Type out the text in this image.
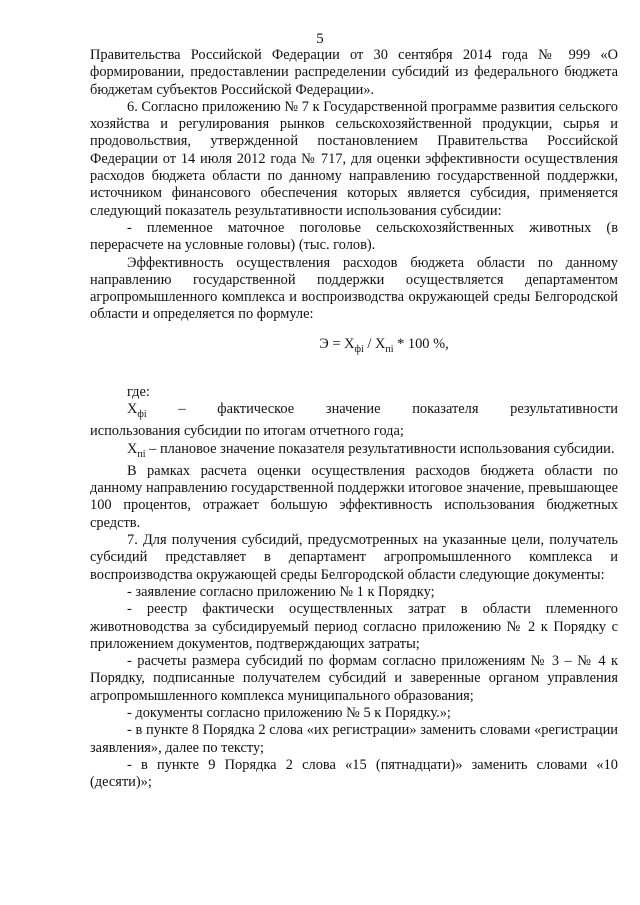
5

Правительства Российской Федерации от 30 сентября 2014 года № 999 «О формировании, предоставлении распределении субсидий из федерального бюджета бюджетам субъектов Российской Федерации».

6. Согласно приложению № 7 к Государственной программе развития сельского хозяйства и регулирования рынков сельскохозяйственной продукции, сырья и продовольствия, утвержденной постановлением Правительства Российской Федерации от 14 июля 2012 года № 717, для оценки эффективности осуществления расходов бюджета области по данному направлению государственной поддержки, источником финансового обеспечения которых является субсидия, применяется следующий показатель результативности использования субсидии:

- племенное маточное поголовье сельскохозяйственных животных (в перерасчете на условные головы) (тыс. голов).

Эффективность осуществления расходов бюджета области по данному направлению государственной поддержки осуществляется департаментом агропромышленного комплекса и воспроизводства окружающей среды Белгородской области и определяется по формуле:

$Э = Х_{фi} / Х_{пi} * 100$ %,

где:

$Х_{фi}$ – фактическое значение показателя результативности

использования субсидии по итогам отчетного года;

$Х_{пi}$ – плановое значение показателя результативности использования субсидии.

В рамках расчета оценки осуществления расходов бюджета области по данному направлению государственной поддержки итоговое значение, превышающее 100 процентов, отражает большую эффективность использования бюджетных средств.

7. Для получения субсидий, предусмотренных на указанные цели, получатель субсидий представляет в департамент агропромышленного комплекса и воспроизводства окружающей среды Белгородской области следующие документы:

- заявление согласно приложению № 1 к Порядку;

- реестр фактически осуществленных затрат в области племенного животноводства за субсидируемый период согласно приложению № 2 к Порядку с приложением документов, подтверждающих затраты;

- расчеты размера субсидий по формам согласно приложениям № 3 – № 4 к Порядку, подписанные получателем субсидий и заверенные органом управления агропромышленного комплекса муниципального образования;

- документы согласно приложению № 5 к Порядку.»;

- в пункте 8 Порядка 2 слова «их регистрации» заменить словами «регистрации заявления», далее по тексту;

- в пункте 9 Порядка 2 слова «15 (пятнадцати)» заменить словами «10 (десяти)»;
